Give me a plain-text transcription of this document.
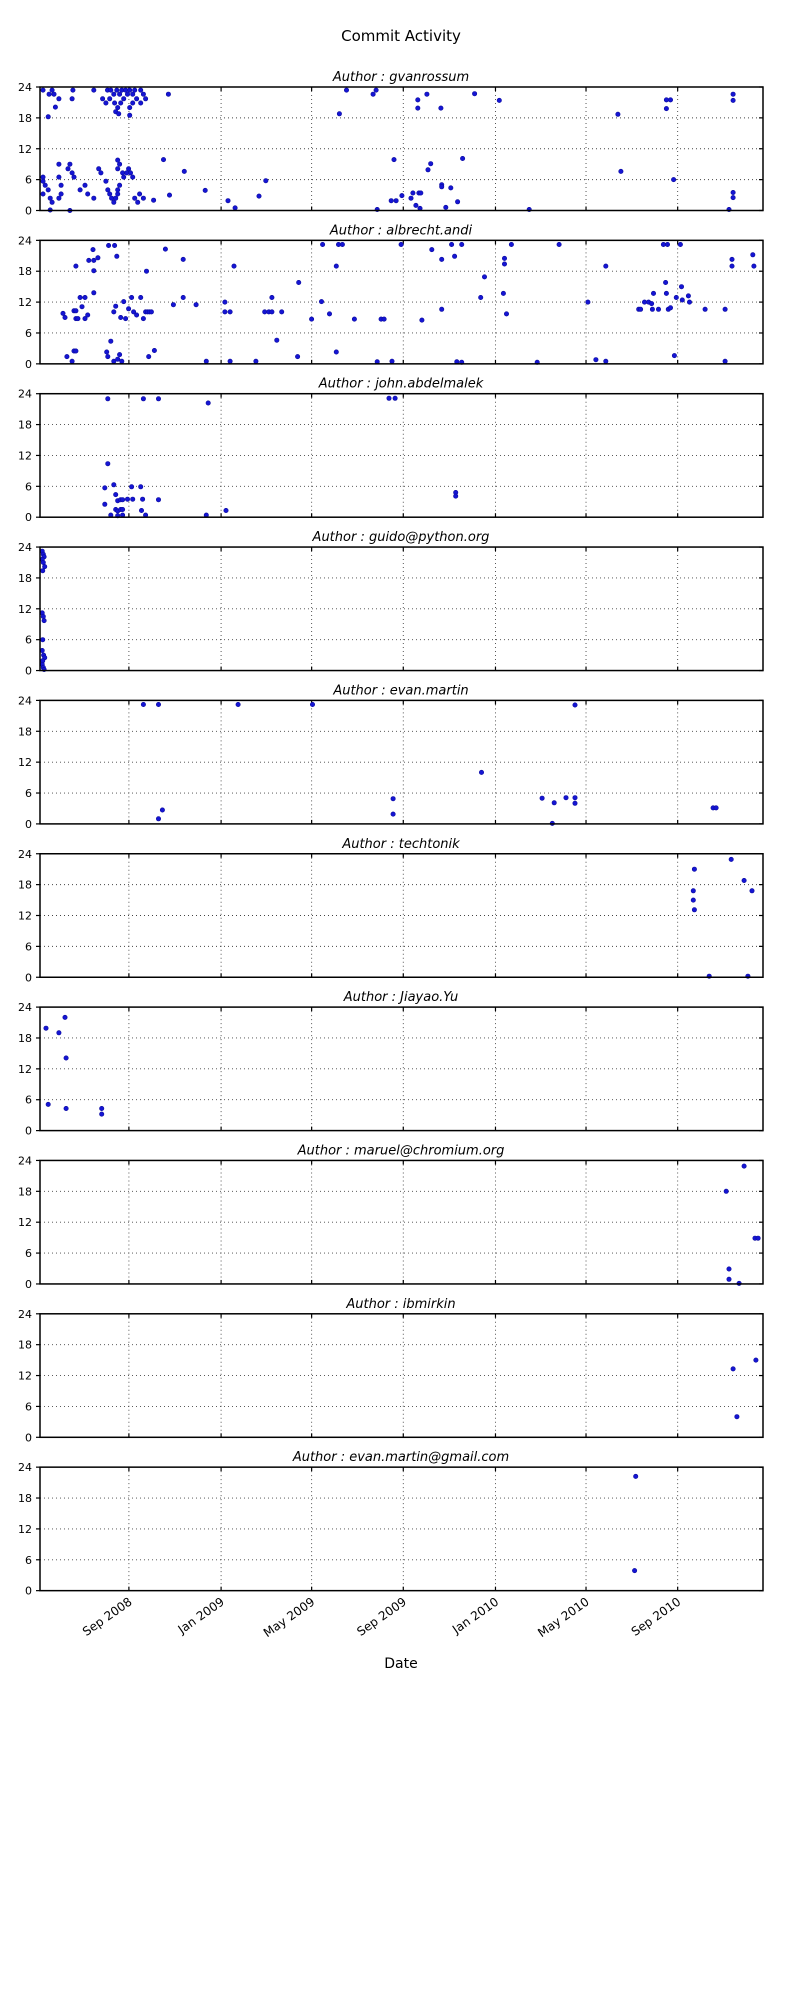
Commit Activity
Author : gvanrossum
0
6
12
18
24
Author : albrecht.andi
0
6
12
18
24
Author : john.abdelmalek
0
6
12
18
24
Author : guido@python.org
0
6
12
18
24
Author : evan.martin
0
6
12
18
24
Author : techtonik
0
6
12
18
24
Author : Jiayao.Yu
0
6
12
18
24
Author : maruel@chromium.org
0
6
12
18
24
Author : ibmirkin
0
6
12
18
24
Author : evan.martin@gmail.com
0
6
12
18
24
Sep 2008	Jan 2009	May 2009	Sep 2009	Jan 2010	May 2010	Sep 2010
Date
